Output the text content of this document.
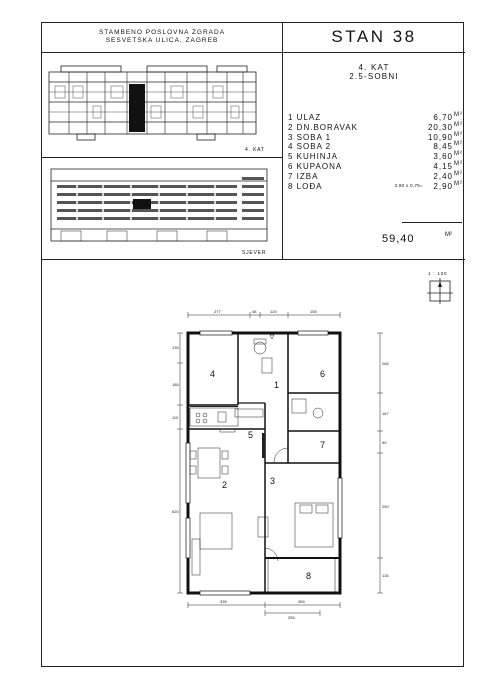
STAMBENO POSLOVNA ZGRADA
SESVETSKA ULICA, ZAGREB	STAN 38
4. KAT
2.5-SOBNI
4. KAT
SJEVER
1 ULAZ	6,70 M²
2 DN.BORAVAK	20,30 M²
3 SOBA 1	10,90 M²
4 SOBA 2	8,45 M²
5 KUHINJA	3,60 M²
6 KUPAONA	4,15 M²
7 IZBA	2,40 M²
8 LOĐA	3.90 x 0.75= 2,90 M²
59,40	M²
1 : 100
277	48	120	155
335	365
255
135
185
110
620
265
167
90
250
135
1
2	3
4
5
6
7
8
